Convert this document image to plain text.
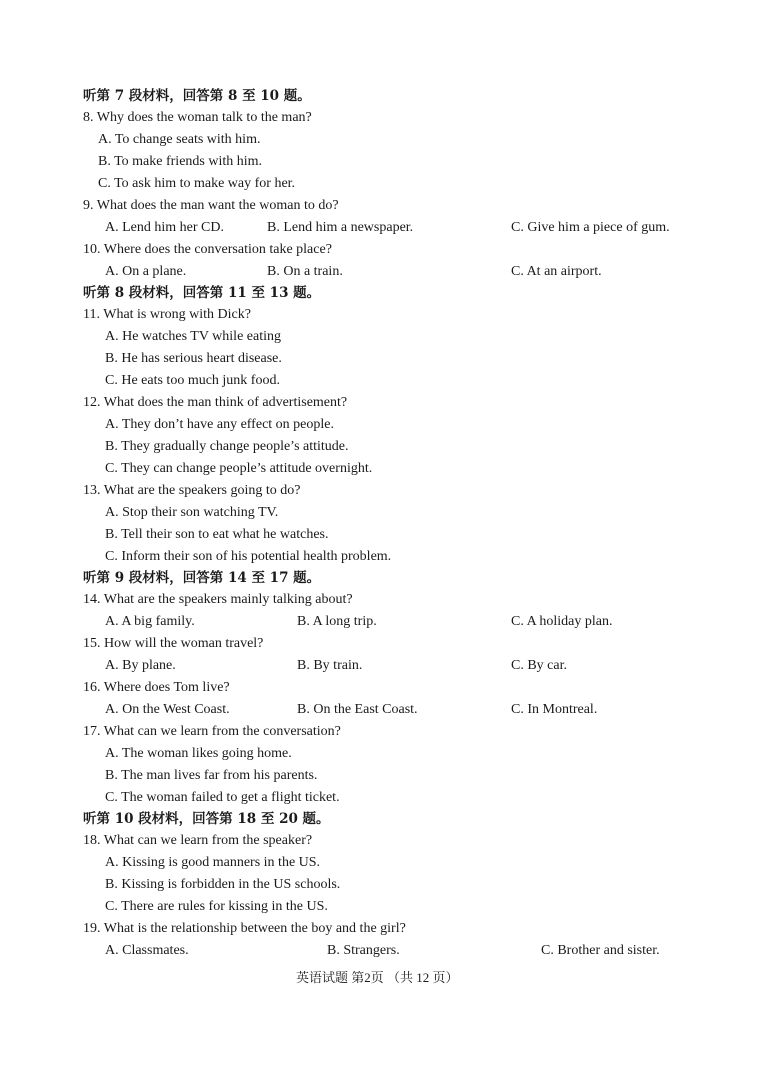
听第 7 段材料，回答第 8 至 10 题。
8. Why does the woman talk to the man?
A. To change seats with him.
B. To make friends with him.
C. To ask him to make way for her.
9. What does the man want the woman to do?
A. Lend him her CD.	B. Lend him a newspaper.	C. Give him a piece of gum.
10. Where does the conversation take place?
A. On a plane.	B. On a train.	C. At an airport.
听第 8 段材料，回答第 11 至 13 题。
11. What is wrong with Dick?
A. He watches TV while eating
B. He has serious heart disease.
C. He eats too much junk food.
12. What does the man think of advertisement?
A. They don’t have any effect on people.
B. They gradually change people’s attitude.
C. They can change people’s attitude overnight.
13. What are the speakers going to do?
A. Stop their son watching TV.
B. Tell their son to eat what he watches.
C. Inform their son of his potential health problem.
听第 9 段材料，回答第 14 至 17 题。
14. What are the speakers mainly talking about?
A. A big family.	B. A long trip.	C. A holiday plan.
15. How will the woman travel?
A. By plane.	B. By train.	C. By car.
16. Where does Tom live?
A. On the West Coast.	B. On the East Coast.	C. In Montreal.
17. What can we learn from the conversation?
A. The woman likes going home.
B. The man lives far from his parents.
C. The woman failed to get a flight ticket.
听第 10 段材料，回答第 18 至 20 题。
18. What can we learn from the speaker?
A. Kissing is good manners in the US.
B. Kissing is forbidden in the US schools.
C. There are rules for kissing in the US.
19. What is the relationship between the boy and the girl?
A. Classmates.	B. Strangers.	C. Brother and sister.
英语试题 第2页 （共 12 页）
